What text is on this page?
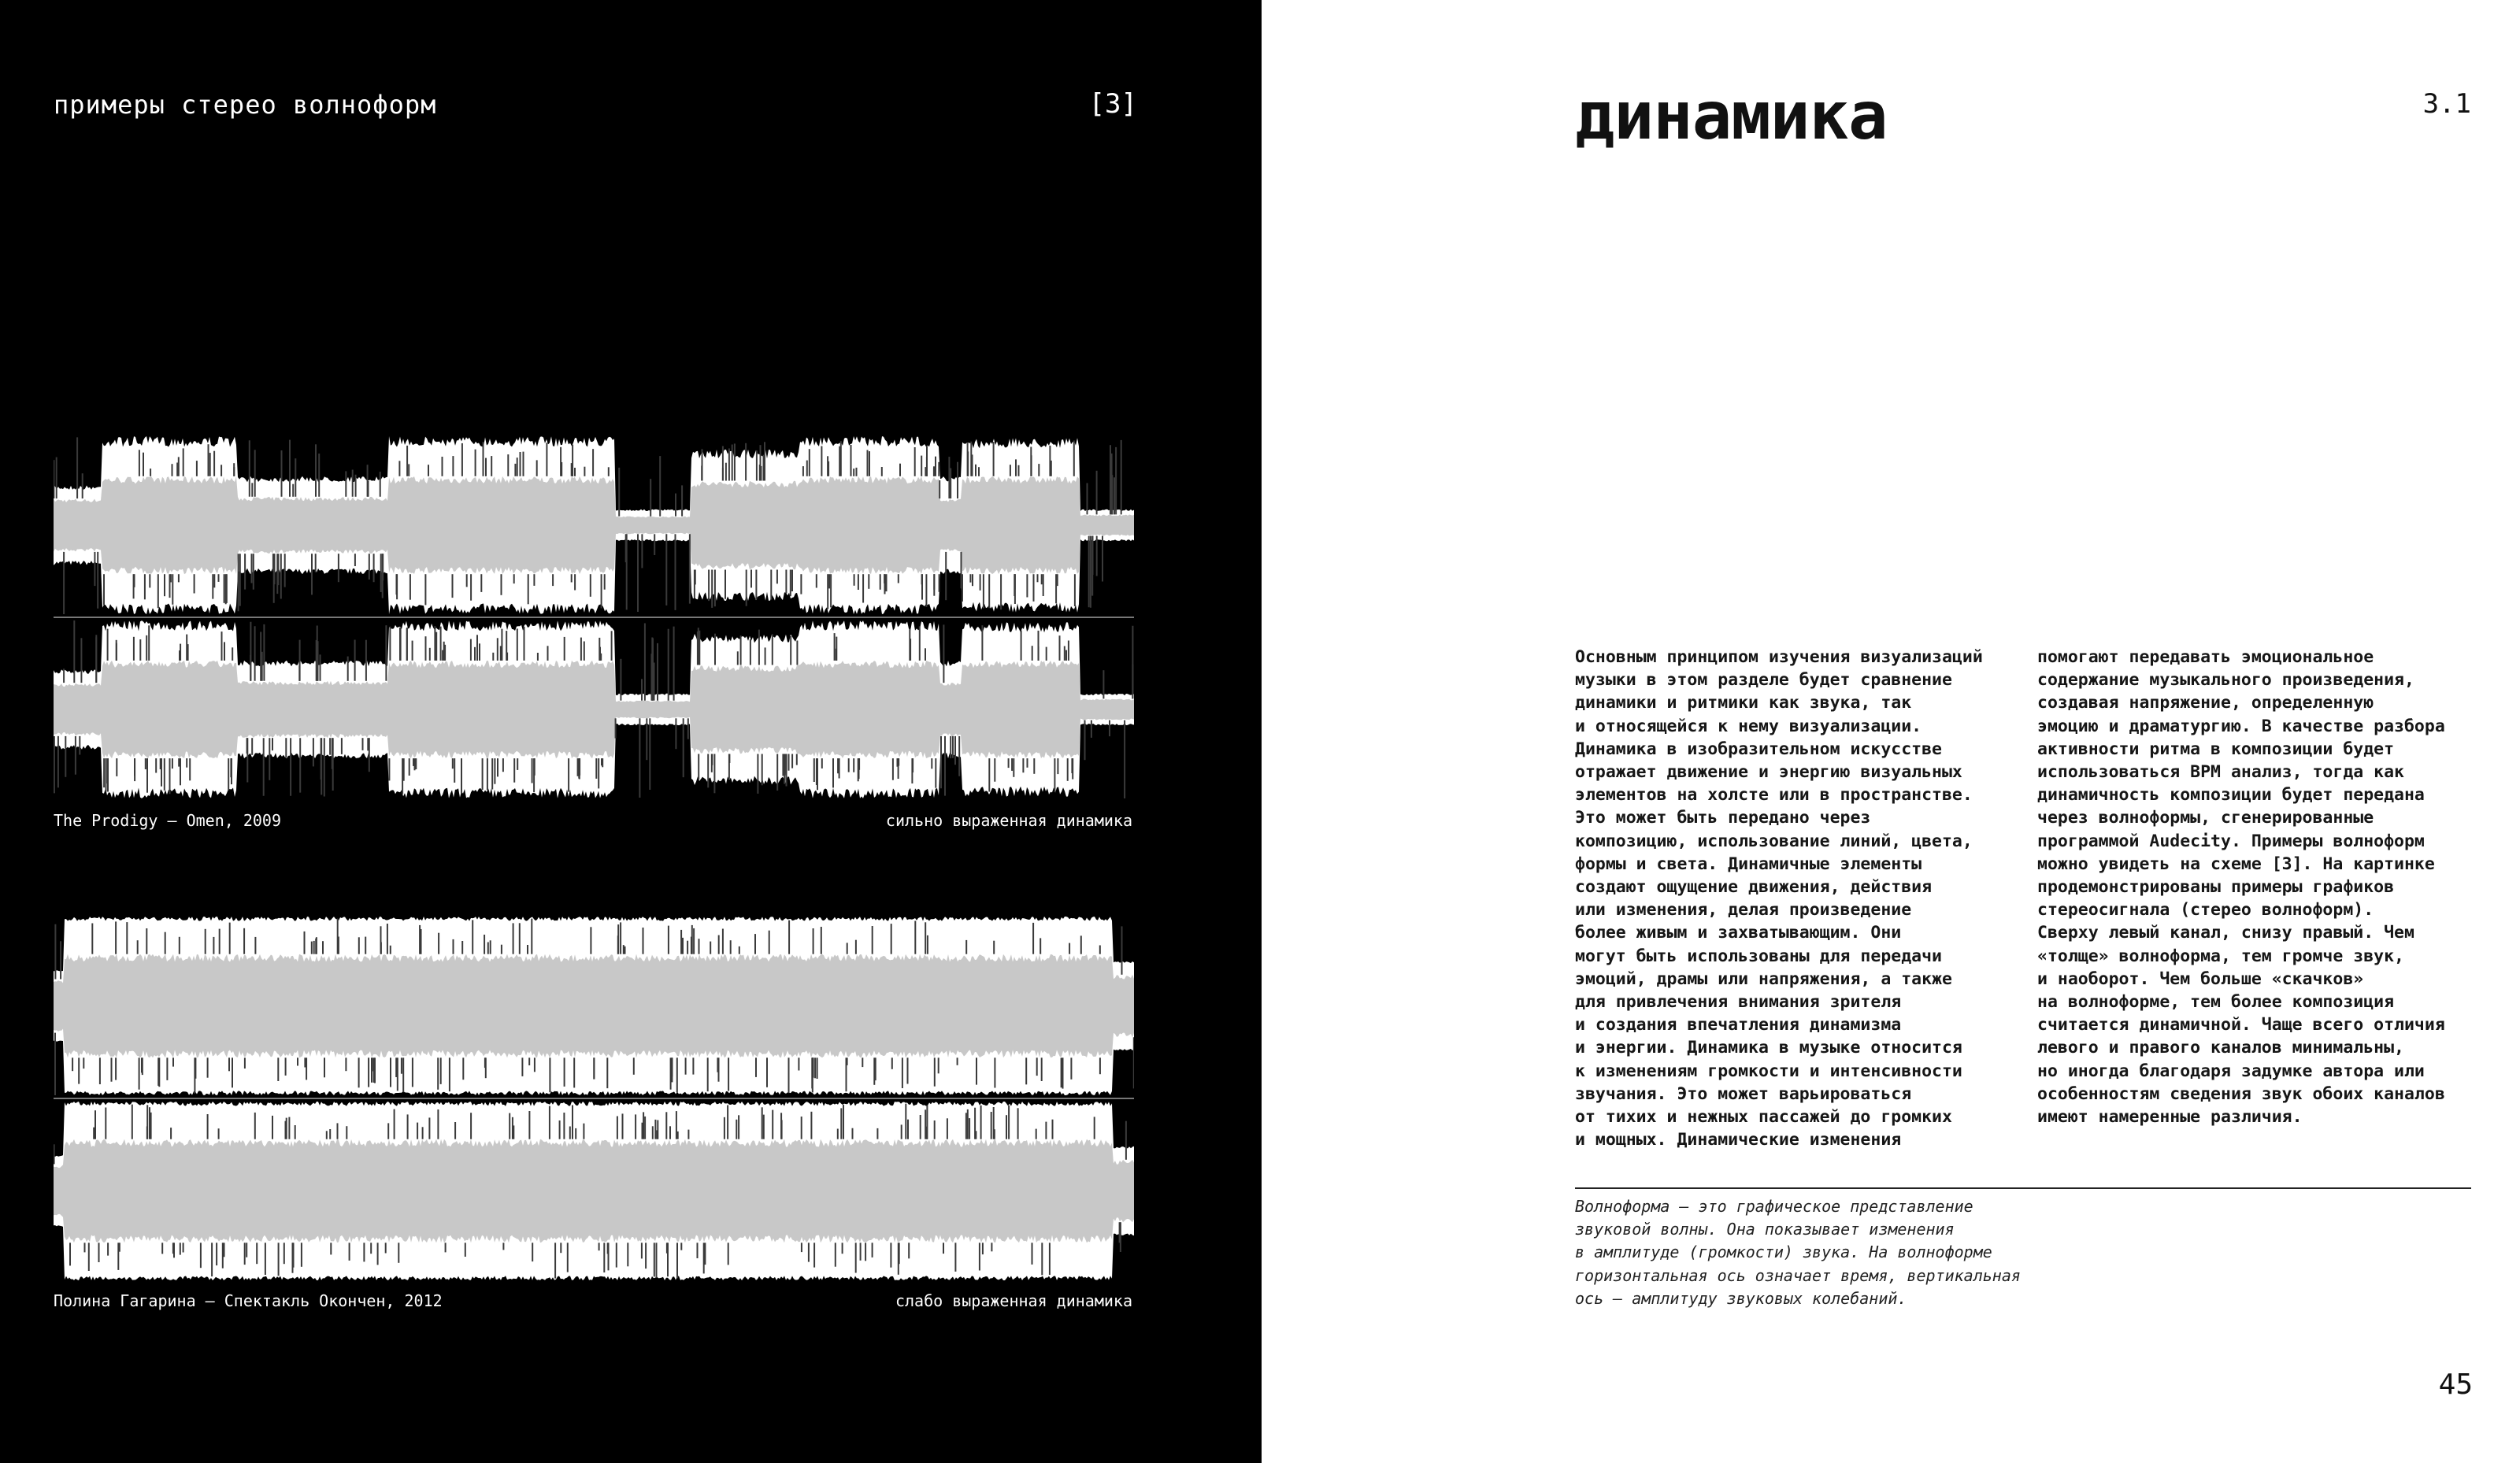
примеры стерео волноформ	[3]
The Prodigy – Omen, 2009	сильно выраженная динамика
Полина Гагарина – Спектакль Окончен, 2012	слабо выраженная динамика
динамика	3.1
Основным принципом изучения визуализаций
музыки в этом разделе будет сравнение
динамики и ритмики как звука, так
и относящейся к нему визуализации.
Динамика в изобразительном искусстве
отражает движение и энергию визуальных
элементов на холсте или в пространстве.
Это может быть передано через
композицию, использование линий, цвета,
формы и света. Динамичные элементы
создают ощущение движения, действия
или изменения, делая произведение
более живым и захватывающим. Они
могут быть использованы для передачи
эмоций, драмы или напряжения, а также
для привлечения внимания зрителя
и создания впечатления динамизма
и энергии. Динамика в музыке относится
к изменениям громкости и интенсивности
звучания. Это может варьироваться
от тихих и нежных пассажей до громких
и мощных. Динамические изменения
помогают передавать эмоциональное
содержание музыкального произведения,
создавая напряжение, определенную
эмоцию и драматургию. В качестве разбора
активности ритма в композиции будет
использоваться BPM анализ, тогда как
динамичность композиции будет передана
через волноформы, сгенерированные
программой Audecity. Примеры волноформ
можно увидеть на схеме [3]. На картинке
продемонстрированы примеры графиков
стереосигнала (стерео волноформ).
Сверху левый канал, снизу правый. Чем
«толще» волноформа, тем громче звук,
и наоборот. Чем больше «скачков»
на волноформе, тем более композиция
считается динамичной. Чаще всего отличия
левого и правого каналов минимальны,
но иногда благодаря задумке автора или
особенностям сведения звук обоих каналов
имеют намеренные различия.
Волноформа – это графическое представление
звуковой волны. Она показывает изменения
в амплитуде (громкости) звука. На волноформе
горизонтальная ось означает время, вертикальная
ось – амплитуду звуковых колебаний.
45
